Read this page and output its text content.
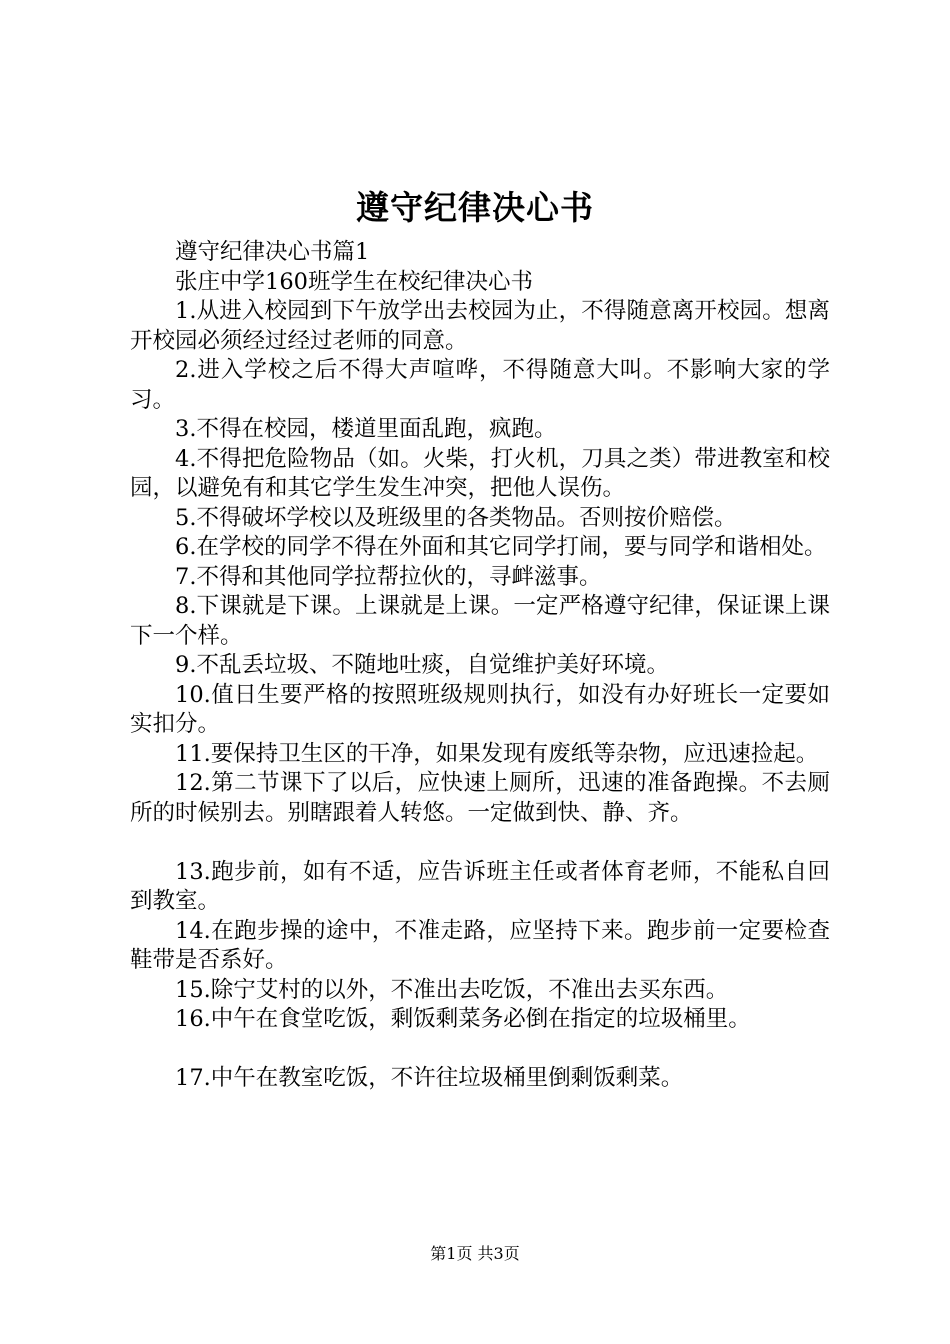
遵守纪律决心书

遵守纪律决心书篇1

张庄中学160班学生在校纪律决心书

1.从进入校园到下午放学出去校园为止，不得随意离开校园。想离开校园必须经过经过老师的同意。

2.进入学校之后不得大声喧哗，不得随意大叫。不影响大家的学习。

3.不得在校园，楼道里面乱跑，疯跑。

4.不得把危险物品（如。火柴，打火机，刀具之类）带进教室和校园，以避免有和其它学生发生冲突，把他人误伤。

5.不得破坏学校以及班级里的各类物品。否则按价赔偿。

6.在学校的同学不得在外面和其它同学打闹，要与同学和谐相处。

7.不得和其他同学拉帮拉伙的，寻衅滋事。

8.下课就是下课。上课就是上课。一定严格遵守纪律，保证课上课下一个样。

9.不乱丢垃圾、不随地吐痰，自觉维护美好环境。

10.值日生要严格的按照班级规则执行，如没有办好班长一定要如实扣分。

11.要保持卫生区的干净，如果发现有废纸等杂物，应迅速捡起。

12.第二节课下了以后，应快速上厕所，迅速的准备跑操。不去厕所的时候别去。别瞎跟着人转悠。一定做到快、静、齐。

13.跑步前，如有不适，应告诉班主任或者体育老师，不能私自回到教室。

14.在跑步操的途中，不准走路，应坚持下来。跑步前一定要检查鞋带是否系好。

15.除宁艾村的以外，不准出去吃饭，不准出去买东西。

16.中午在食堂吃饭，剩饭剩菜务必倒在指定的垃圾桶里。

17.中午在教室吃饭，不许往垃圾桶里倒剩饭剩菜。

第1页 共3页
